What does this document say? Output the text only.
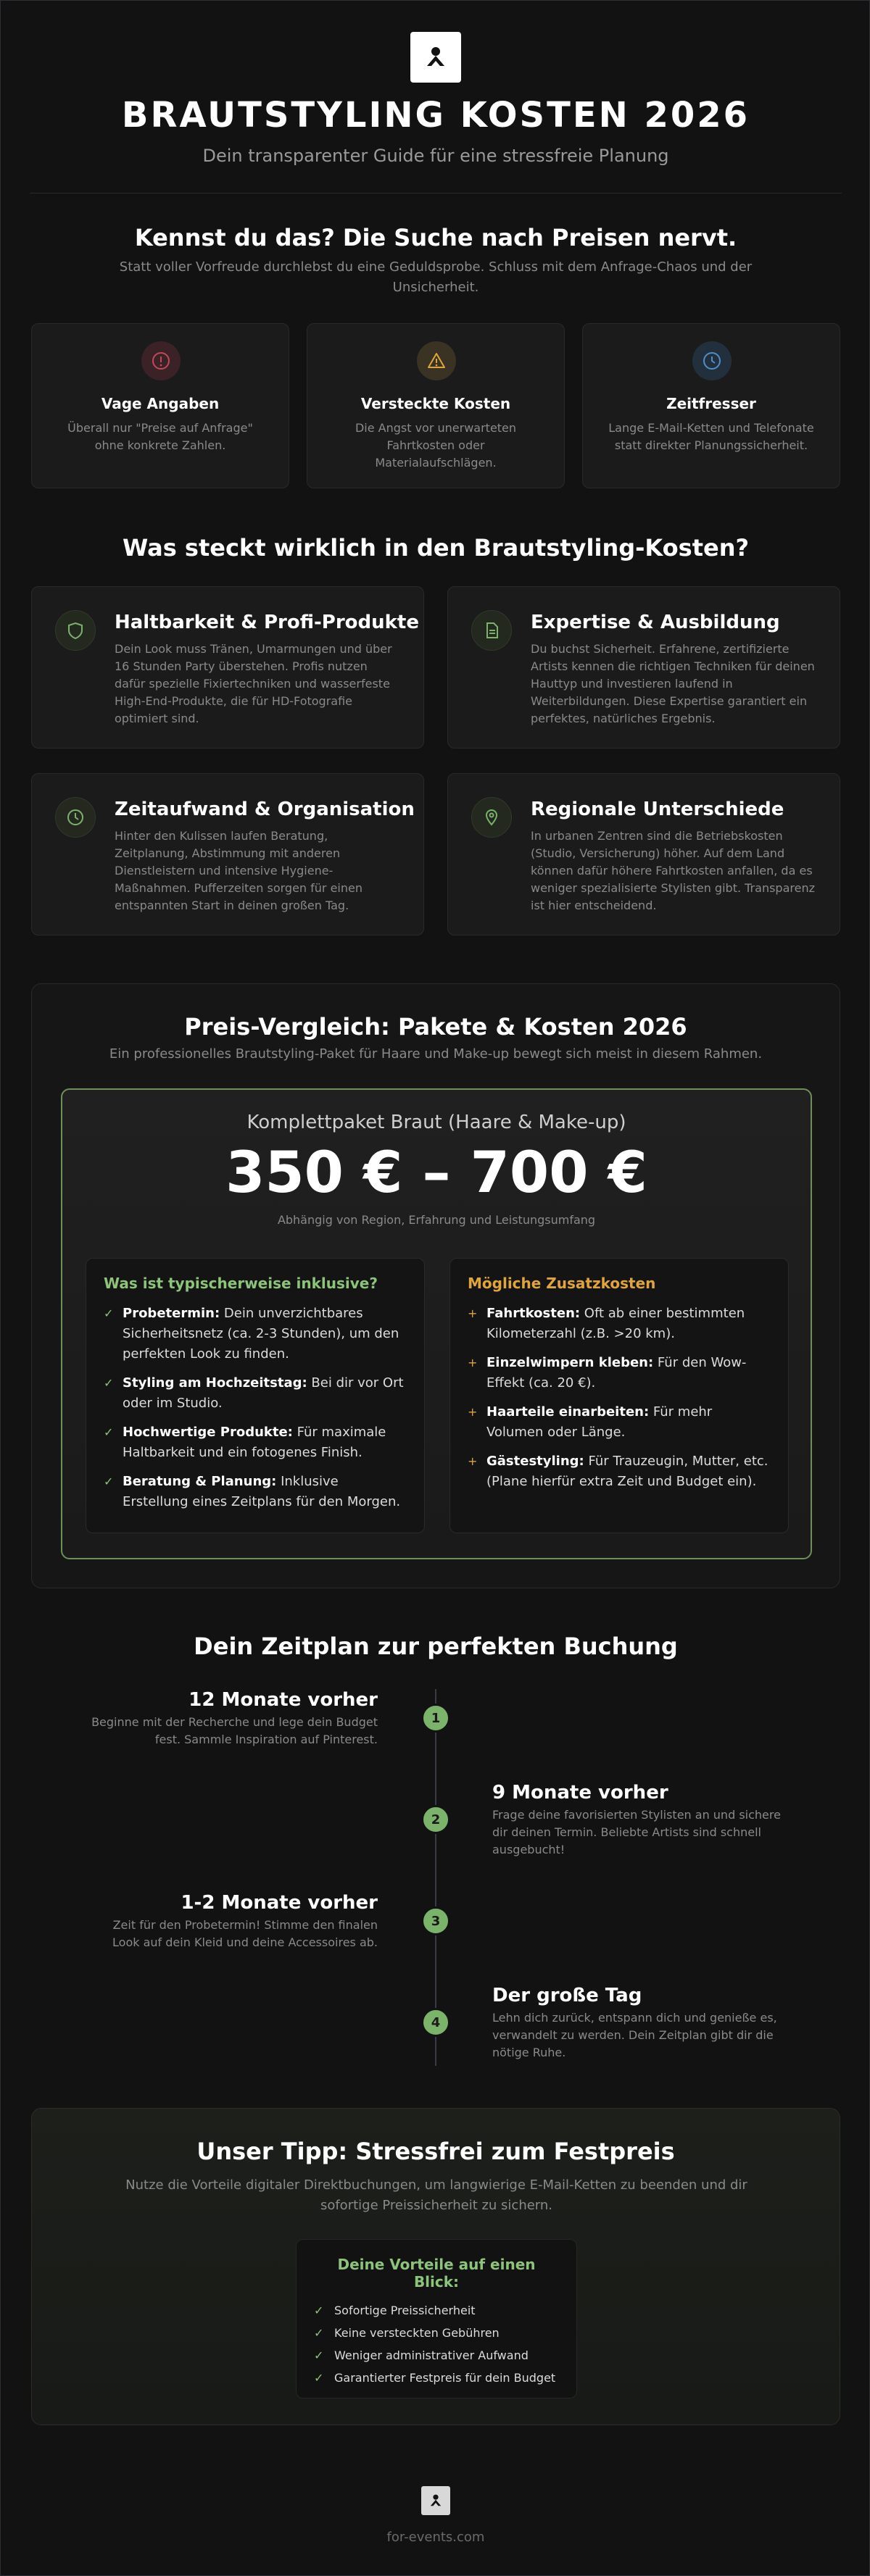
BRAUTSTYLING KOSTEN 2026
Dein transparenter Guide für eine stressfreie Planung
Kennst du das? Die Suche nach Preisen nervt.
Statt voller Vorfreude durchlebst du eine Geduldsprobe. Schluss mit dem Anfrage-Chaos und der Unsicherheit.
Vage Angaben
Überall nur "Preise auf Anfrage" ohne konkrete Zahlen.
Versteckte Kosten
Die Angst vor unerwarteten Fahrtkosten oder Materialaufschlägen.
Zeitfresser
Lange E-Mail-Ketten und Telefonate statt direkter Planungssicherheit.
Was steckt wirklich in den Brautstyling-Kosten?
Haltbarkeit & Profi-Produkte
Dein Look muss Tränen, Umarmungen und über 16 Stunden Party überstehen. Profis nutzen dafür spezielle Fixiertechniken und wasserfeste High-End-Produkte, die für HD-Fotografie optimiert sind.
Expertise & Ausbildung
Du buchst Sicherheit. Erfahrene, zertifizierte Artists kennen die richtigen Techniken für deinen Hauttyp und investieren laufend in Weiterbildungen. Diese Expertise garantiert ein perfektes, natürliches Ergebnis.
Zeitaufwand & Organisation
Hinter den Kulissen laufen Beratung, Zeitplanung, Abstimmung mit anderen Dienstleistern und intensive Hygiene-Maßnahmen. Pufferzeiten sorgen für einen entspannten Start in deinen großen Tag.
Regionale Unterschiede
In urbanen Zentren sind die Betriebskosten (Studio, Versicherung) höher. Auf dem Land können dafür höhere Fahrtkosten anfallen, da es weniger spezialisierte Stylisten gibt. Transparenz ist hier entscheidend.
Preis-Vergleich: Pakete & Kosten 2026
Ein professionelles Brautstyling-Paket für Haare und Make-up bewegt sich meist in diesem Rahmen.
Komplettpaket Braut (Haare & Make-up)
350 € – 700 €
Abhängig von Region, Erfahrung und Leistungsumfang
Was ist typischerweise inklusive?
✓ Probetermin: Dein unverzichtbares Sicherheitsnetz (ca. 2-3 Stunden), um den perfekten Look zu finden.
✓ Styling am Hochzeitstag: Bei dir vor Ort oder im Studio.
✓ Hochwertige Produkte: Für maximale Haltbarkeit und ein fotogenes Finish.
✓ Beratung & Planung: Inklusive Erstellung eines Zeitplans für den Morgen.
Mögliche Zusatzkosten
+ Fahrtkosten: Oft ab einer bestimmten Kilometerzahl (z.B. >20 km).
+ Einzelwimpern kleben: Für den Wow-Effekt (ca. 20 €).
+ Haarteile einarbeiten: Für mehr Volumen oder Länge.
+ Gästestyling: Für Trauzeugin, Mutter, etc. (Plane hierfür extra Zeit und Budget ein).
Dein Zeitplan zur perfekten Buchung
12 Monate vorher
Beginne mit der Recherche und lege dein Budget fest. Sammle Inspiration auf Pinterest.
1
9 Monate vorher
Frage deine favorisierten Stylisten an und sichere dir deinen Termin. Beliebte Artists sind schnell ausgebucht!
2
1-2 Monate vorher
Zeit für den Probetermin! Stimme den finalen Look auf dein Kleid und deine Accessoires ab.
3
Der große Tag
Lehn dich zurück, entspann dich und genieße es, verwandelt zu werden. Dein Zeitplan gibt dir die nötige Ruhe.
4
Unser Tipp: Stressfrei zum Festpreis
Nutze die Vorteile digitaler Direktbuchungen, um langwierige E-Mail-Ketten zu beenden und dir sofortige Preissicherheit zu sichern.
Deine Vorteile auf einen Blick:
✓ Sofortige Preissicherheit
✓ Keine versteckten Gebühren
✓ Weniger administrativer Aufwand
✓ Garantierter Festpreis für dein Budget
for-events.com
